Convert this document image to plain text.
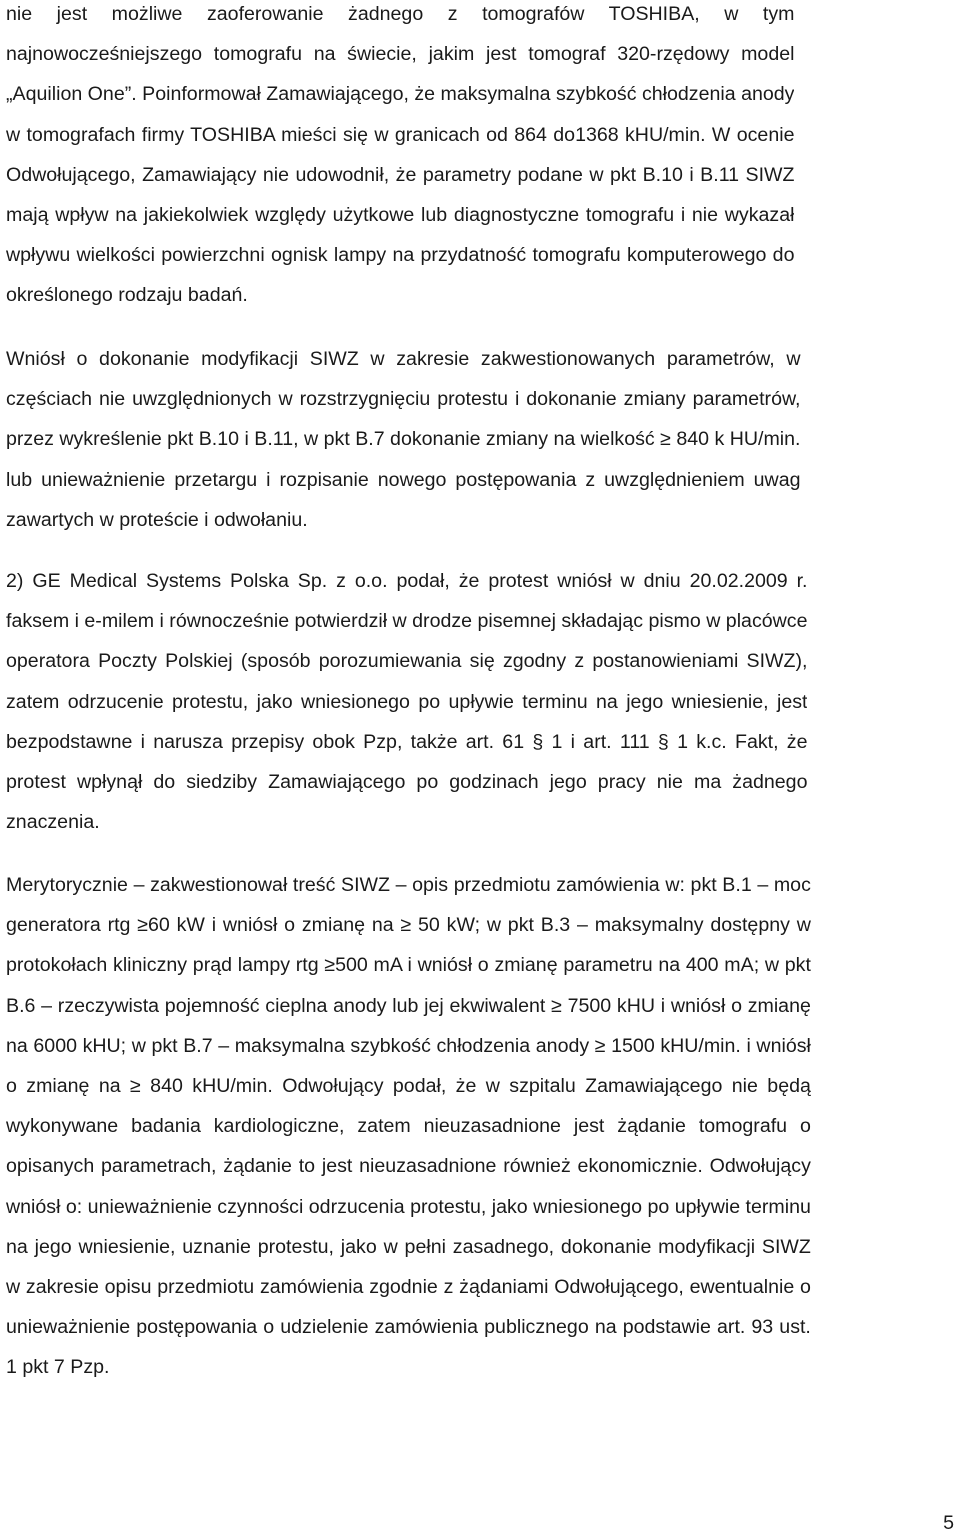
nie jest możliwe zaoferowanie żadnego z tomografów TOSHIBA, w tym
najnowocześniejszego tomografu na świecie, jakim jest tomograf 320-rzędowy model
„Aquilion One”. Poinformował Zamawiającego, że maksymalna szybkość chłodzenia anody
w tomografach firmy TOSHIBA mieści się w granicach od 864 do1368 kHU/min. W ocenie
Odwołującego, Zamawiający nie udowodnił, że parametry podane w pkt B.10 i B.11 SIWZ
mają wpływ na jakiekolwiek względy użytkowe lub diagnostyczne tomografu i nie wykazał
wpływu wielkości powierzchni ognisk lampy na przydatność tomografu komputerowego do
określonego rodzaju badań.

Wniósł o dokonanie modyfikacji SIWZ w zakresie zakwestionowanych parametrów, w
częściach nie uwzględnionych w rozstrzygnięciu protestu i dokonanie zmiany parametrów,
przez wykreślenie pkt B.10 i B.11, w pkt B.7 dokonanie zmiany na wielkość ≥ 840 k HU/min.
lub unieważnienie przetargu i rozpisanie nowego postępowania z uwzględnieniem uwag
zawartych w proteście i odwołaniu.

2) GE Medical Systems Polska Sp. z o.o. podał, że protest wniósł w dniu 20.02.2009 r.
faksem i e-milem i równocześnie potwierdził w drodze pisemnej składając pismo w placówce
operatora Poczty Polskiej (sposób porozumiewania się zgodny z postanowieniami SIWZ),
zatem odrzucenie protestu, jako wniesionego po upływie terminu na jego wniesienie, jest
bezpodstawne i narusza przepisy obok Pzp, także art. 61 § 1 i art. 111 § 1 k.c. Fakt, że
protest wpłynął do siedziby Zamawiającego po godzinach jego pracy nie ma żadnego
znaczenia.

Merytorycznie – zakwestionował treść SIWZ – opis przedmiotu zamówienia w: pkt B.1 – moc
generatora rtg ≥60 kW i wniósł o zmianę na ≥ 50 kW; w pkt B.3 – maksymalny dostępny w
protokołach kliniczny prąd lampy rtg ≥500 mA i wniósł o zmianę parametru na 400 mA; w pkt
B.6 – rzeczywista pojemność cieplna anody lub jej ekwiwalent ≥ 7500 kHU i wniósł o zmianę
na 6000 kHU; w pkt B.7 – maksymalna szybkość chłodzenia anody ≥ 1500 kHU/min. i wniósł
o zmianę na ≥ 840 kHU/min. Odwołujący podał, że w szpitalu Zamawiającego nie będą
wykonywane badania kardiologiczne, zatem nieuzasadnione jest żądanie tomografu o
opisanych parametrach, żądanie to jest nieuzasadnione również ekonomicznie. Odwołujący
wniósł o: unieważnienie czynności odrzucenia protestu, jako wniesionego po upływie terminu
na jego wniesienie, uznanie protestu, jako w pełni zasadnego, dokonanie modyfikacji SIWZ
w zakresie opisu przedmiotu zamówienia zgodnie z żądaniami Odwołującego, ewentualnie o
unieważnienie postępowania o udzielenie zamówienia publicznego na podstawie art. 93 ust.
1 pkt 7 Pzp.

5
